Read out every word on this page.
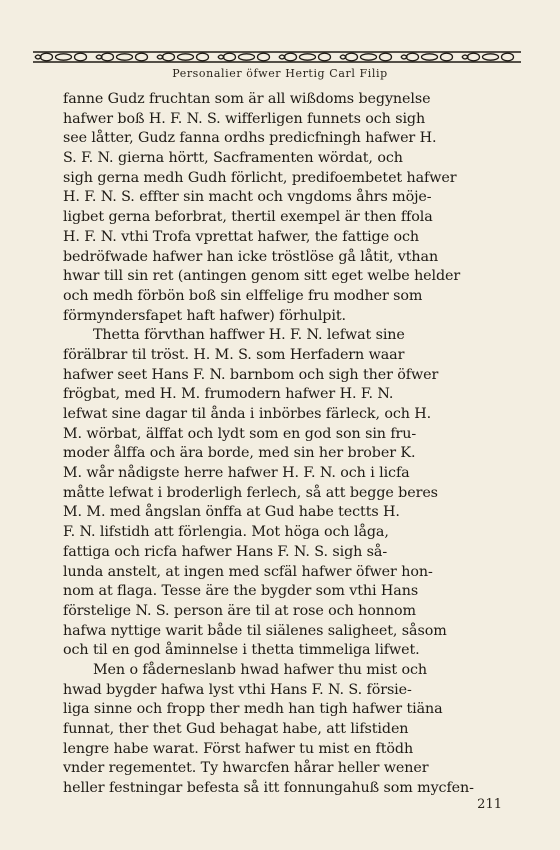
Personalier öfwer Hertig Carl Filip
fanne Gudz fruchtan som är all wißdoms begynelse
hafwer boß H. F. N. S. wifferligen funnets och sigh
see låtter, Gudz fanna ordhs predicfningh hafwer H.
S. F. N. gierna hörtt, Sacframenten wördat, och
sigh gerna medh Gudh förlicht, predifoembetet hafwer
H. F. N. S. effter sin macht och vngdoms åhrs möje-
ligbet gerna beforbrat, thertil exempel är then ffola
H. F. N. vthi Trofa vprettat hafwer, the fattige och
bedröfwade hafwer han icke tröstlöse gå låtit, vthan
hwar till sin ret (antingen genom sitt eget welbe helder
och medh förbön boß sin elffelige fru modher som
förmyndersfapet haft hafwer) förhulpit.
Thetta förvthan haffwer H. F. N. lefwat sine
förälbrar til tröst. H. M. S. som Herfadern waar
hafwer seet Hans F. N. barnbom och sigh ther öfwer
frögbat, med H. M. frumodern hafwer H. F. N.
lefwat sine dagar til ånda i inbörbes färleck, och H.
M. wörbat, älffat och lydt som en god son sin fru-
moder ålffa och ära borde, med sin her brober K.
M. wår nådigste herre hafwer H. F. N. och i licfa
måtte lefwat i broderligh ferlech, så att begge beres
M. M. med ångslan önffa at Gud habe tectts H.
F. N. lifstidh att förlengia. Mot höga och låga,
fattiga och ricfa hafwer Hans F. N. S. sigh så-
lunda anstelt, at ingen med scfäl hafwer öfwer hon-
nom at flaga. Tesse äre the bygder som vthi Hans
förstelige N. S. person äre til at rose och honnom
hafwa nyttige warit både til siälenes saligheet, såsom
och til en god åminnelse i thetta timmeliga lifwet.
Men o fåderneslanb hwad hafwer thu mist och
hwad bygder hafwa lyst vthi Hans F. N. S. försie-
liga sinne och fropp ther medh han tigh hafwer tiäna
funnat, ther thet Gud behagat habe, att lifstiden
lengre habe warat. Först hafwer tu mist en ftödh
vnder regementet. Ty hwarcfen hårar heller wener
heller festningar befesta så itt fonnungahuß som mycfen-
211
